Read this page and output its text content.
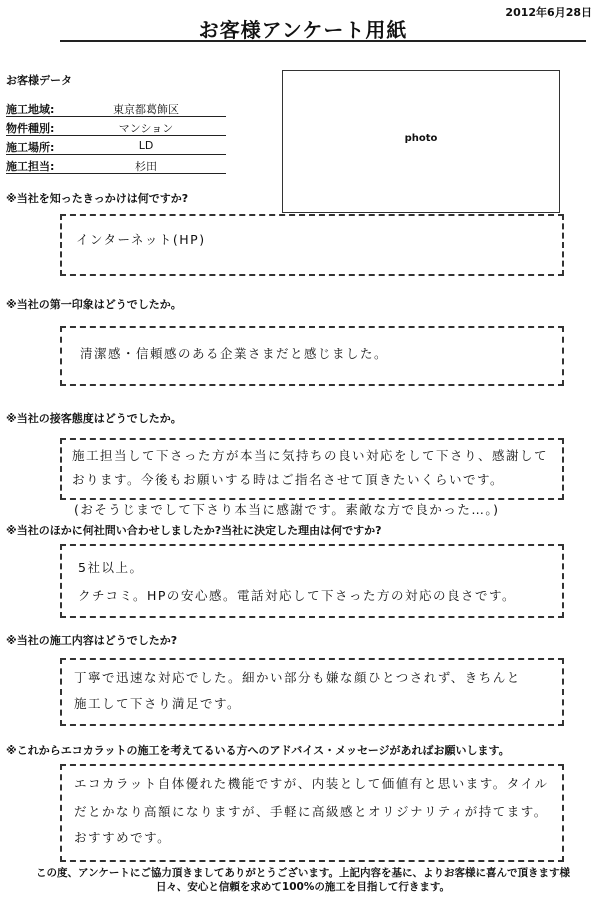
2012年6月28日
お客様アンケート用紙
お客様データ
施工地域:	東京都葛飾区
物件種別:	マンション
施工場所:	LD
施工担当:	杉田
photo
※当社を知ったきっかけは何ですか?

インターネット(HP)

※当社の第一印象はどうでしたか。

清潔感・信頼感のある企業さまだと感じました。

※当社の接客態度はどうでしたか。

施工担当して下さった方が本当に気持ちの良い対応をして下さり、感謝して

おります。今後もお願いする時はご指名させて頂きたいくらいです。

(おそうじまでして下さり本当に感謝です。素敵な方で良かった…。)

※当社のほかに何社問い合わせしましたか?当社に決定した理由は何ですか?

5社以上。

クチコミ。HPの安心感。電話対応して下さった方の対応の良さです。

※当社の施工内容はどうでしたか?

丁寧で迅速な対応でした。細かい部分も嫌な顔ひとつされず、きちんと

施工して下さり満足です。

※これからエコカラットの施工を考えてるいる方へのアドバイス・メッセージがあればお願いします。

エコカラット自体優れた機能ですが、内装として価値有と思います。タイル

だとかなり高額になりますが、手軽に高級感とオリジナリティが持てます。

おすすめです。

この度、アンケートにご協力頂きましてありがとうございます。上記内容を基に、よりお客様に喜んで頂きます様
日々、安心と信頼を求めて100%の施工を目指して行きます。
